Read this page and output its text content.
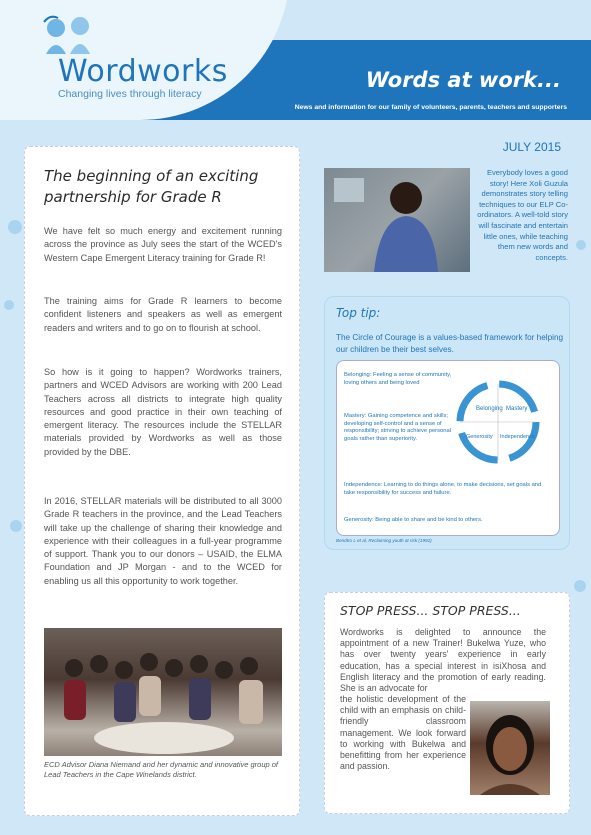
Wordworks
Changing lives through literacy
Words at work...
News and information for our family of volunteers, parents, teachers and supporters
JULY 2015
The beginning of an exciting partnership for Grade R
We have felt so much energy and excitement running across the province as July sees the start of the WCED's Western Cape Emergent Literacy training for Grade R!
The training aims for Grade R learners to become confident listeners and speakers as well as emergent readers and writers and to go on to flourish at school.
So how is it going to happen? Wordworks trainers, partners and WCED Advisors are working with 200 Lead Teachers across all districts to integrate high quality resources and good practice in their own teaching of emergent literacy. The resources include the STELLAR materials provided by Wordworks as well as those provided by the DBE.
In 2016, STELLAR materials will be distributed to all 3000 Grade R teachers in the province, and the Lead Teachers will take up the challenge of sharing their knowledge and experience with their colleagues in a full-year programme of support. Thank you to our donors – USAID, the ELMA Foundation and JP Morgan - and to the WCED for enabling us all this opportunity to work together.
ECD Advisor Diana Niemand and her dynamic and innovative group of Lead Teachers in the Cape Winelands district.
Everybody loves a good story! Here Xoli Guzula demonstrates story telling techniques to our ELP Co-ordinators. A well-told story will fascinate and entertain little ones, while teaching them new words and concepts.
Top tip:
The Circle of Courage is a values-based framework for helping our children be their best selves.
Belonging: Feeling a sense of community, loving others and being loved
Mastery: Gaining competence and skills; developing self-control and a sense of responsibility; striving to achieve personal goals rather than superiority.
Independence: Learning to do things alone, to make decisions, set goals and take responsibility for success and failure.
Generosity: Being able to share and be kind to others.
Belonging Mastery
Independence
Generosity
Bendtro L et al, Reclaiming youth at risk (1992)
STOP PRESS... STOP PRESS...
Wordworks is delighted to announce the appointment of a new Trainer! Bukelwa Yuze, who has over twenty years' experience in early education, has a special interest in isiXhosa and English literacy and the promotion of early reading. She is an advocate for
the holistic development of the child with an emphasis on child-friendly classroom management. We look forward to working with Bukelwa and benefitting from her experience and passion.
